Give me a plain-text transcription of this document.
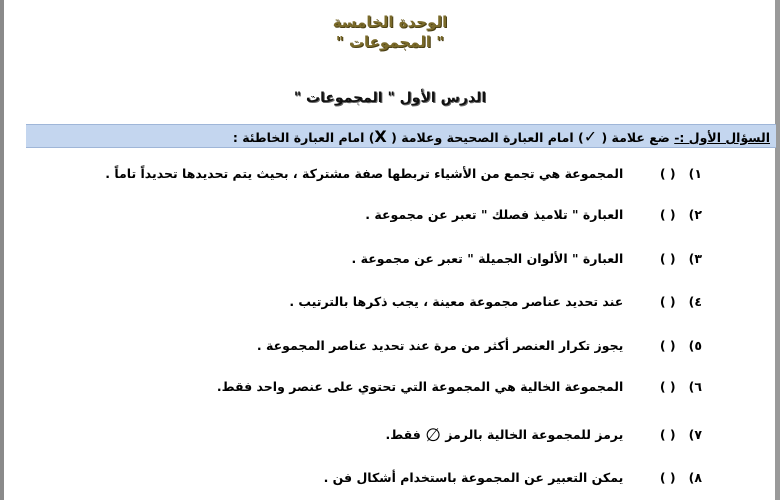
الوحدة الخامسة
" المجموعات "
الدرس الأول " المجموعات "
السؤال الأول :- ضع علامة ( ✓) امام العبارة الصحيحة وعلامة ( X) امام العبارة الخاطئة :
١) ( ) المجموعة هي تجمع من الأشياء تربطها صفة مشتركة ، بحيث يتم تحديدها تحديداً تاماً .
٢) ( ) العبارة " تلاميذ فصلك " تعبر عن مجموعة .
٣) ( ) العبارة " الألوان الجميلة " تعبر عن مجموعة .
٤) ( ) عند تحديد عناصر مجموعة معينة ، يجب ذكرها بالترتيب .
٥) ( ) يجوز تكرار العنصر أكثر من مرة عند تحديد عناصر المجموعة .
٦) ( ) المجموعة الخالية هي المجموعة التي تحتوي على عنصر واحد فقط.
٧) ( ) يرمز للمجموعة الخالية بالرمز ∅ فقط.
٨) ( ) يمكن التعبير عن المجموعة باستخدام أشكال فن .
